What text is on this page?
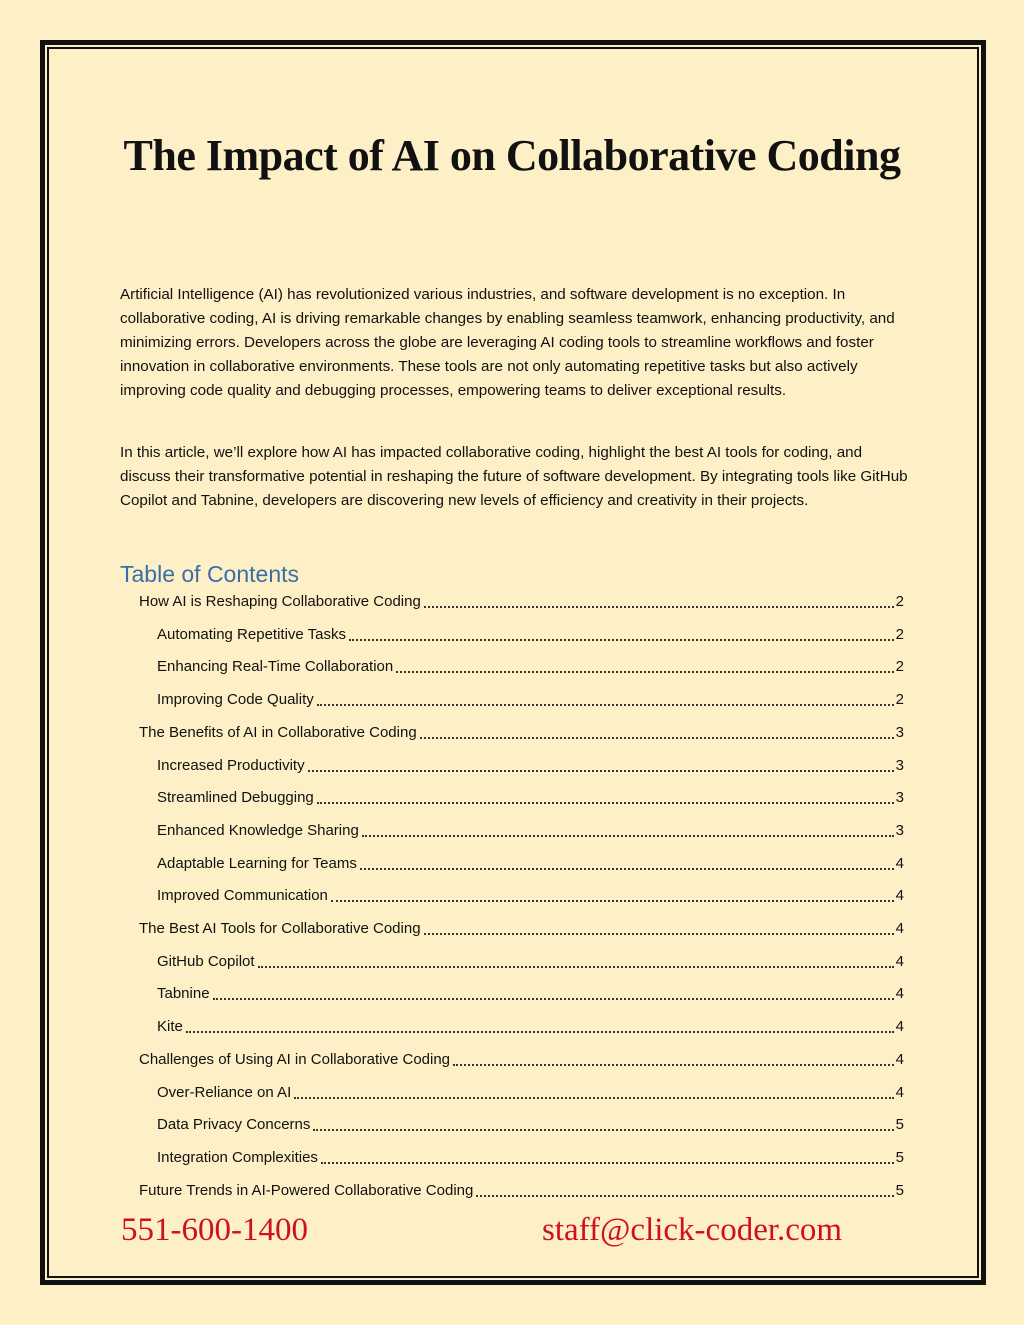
The Impact of AI on Collaborative Coding

Artificial Intelligence (AI) has revolutionized various industries, and software development is no exception. In collaborative coding, AI is driving remarkable changes by enabling seamless teamwork, enhancing productivity, and minimizing errors. Developers across the globe are leveraging AI coding tools to streamline workflows and foster innovation in collaborative environments. These tools are not only automating repetitive tasks but also actively improving code quality and debugging processes, empowering teams to deliver exceptional results.

In this article, we’ll explore how AI has impacted collaborative coding, highlight the best AI tools for coding, and discuss their transformative potential in reshaping the future of software development. By integrating tools like GitHub Copilot and Tabnine, developers are discovering new levels of efficiency and creativity in their projects.

Table of Contents
How AI is Reshaping Collaborative Coding	2
Automating Repetitive Tasks	2
Enhancing Real-Time Collaboration	2
Improving Code Quality	2
The Benefits of AI in Collaborative Coding	3
Increased Productivity	3
Streamlined Debugging	3
Enhanced Knowledge Sharing	3
Adaptable Learning for Teams	4
Improved Communication	4
The Best AI Tools for Collaborative Coding	4
GitHub Copilot	4
Tabnine	4
Kite	4
Challenges of Using AI in Collaborative Coding	4
Over-Reliance on AI	4
Data Privacy Concerns	5
Integration Complexities	5
Future Trends in AI-Powered Collaborative Coding	5
551-600-1400	staff@click-coder.com
